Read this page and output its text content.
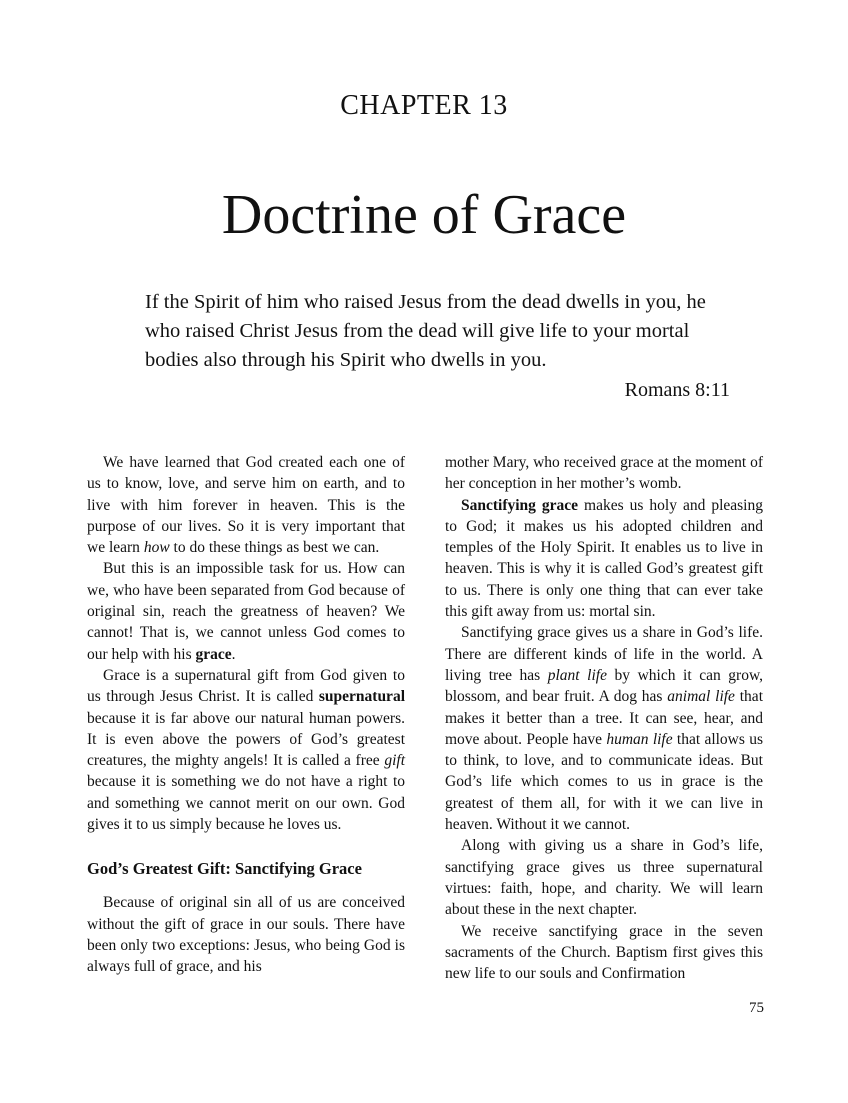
CHAPTER 13
Doctrine of Grace

If the Spirit of him who raised Jesus from the dead dwells in you, he who raised Christ Jesus from the dead will give life to your mortal bodies also through his Spirit who dwells in you.

Romans 8:11

We have learned that God created each one of us to know, love, and serve him on earth, and to live with him forever in heaven. This is the purpose of our lives. So it is very important that we learn how to do these things as best we can.

But this is an impossible task for us. How can we, who have been separated from God because of original sin, reach the greatness of heaven? We cannot! That is, we cannot unless God comes to our help with his grace.

Grace is a supernatural gift from God given to us through Jesus Christ. It is called supernatural because it is far above our natural human powers. It is even above the powers of God’s greatest creatures, the mighty angels! It is called a free gift because it is something we do not have a right to and something we cannot merit on our own. God gives it to us simply because he loves us.

God’s Greatest Gift: Sanctifying Grace

Because of original sin all of us are conceived without the gift of grace in our souls. There have been only two exceptions: Jesus, who being God is always full of grace, and his

mother Mary, who received grace at the moment of her conception in her mother’s womb.

Sanctifying grace makes us holy and pleasing to God; it makes us his adopted children and temples of the Holy Spirit. It enables us to live in heaven. This is why it is called God’s greatest gift to us. There is only one thing that can ever take this gift away from us: mortal sin.

Sanctifying grace gives us a share in God’s life. There are different kinds of life in the world. A living tree has plant life by which it can grow, blossom, and bear fruit. A dog has animal life that makes it better than a tree. It can see, hear, and move about. People have human life that allows us to think, to love, and to communicate ideas. But God’s life which comes to us in grace is the greatest of them all, for with it we can live in heaven. Without it we cannot.

Along with giving us a share in God’s life, sanctifying grace gives us three supernatural virtues: faith, hope, and charity. We will learn about these in the next chapter.

We receive sanctifying grace in the seven sacraments of the Church. Baptism first gives this new life to our souls and Confirmation

75
